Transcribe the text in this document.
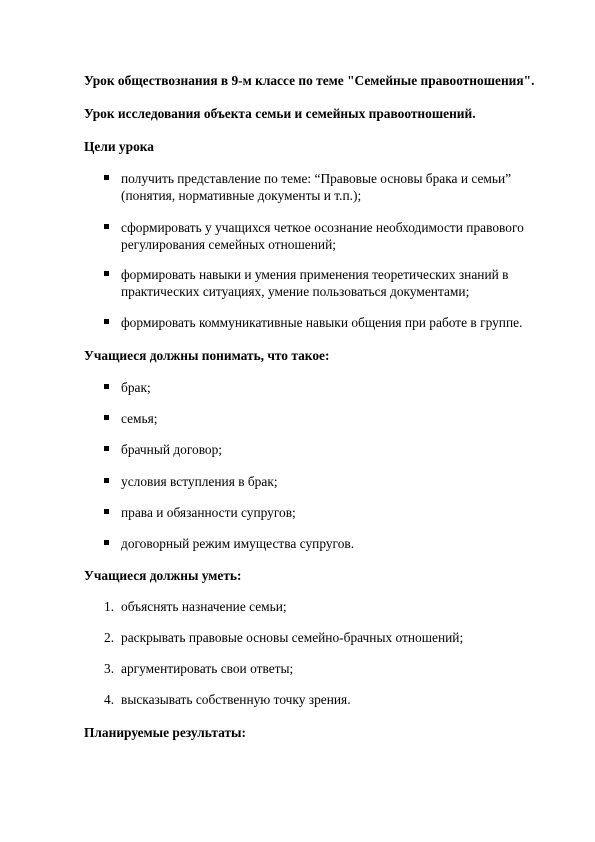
Урок обществознания в 9-м классе по теме "Семейные правоотношения".
Урок исследования объекта семьи и семейных правоотношений.
Цели урока
получить представление по теме: “Правовые основы брака и семьи” (понятия, нормативные документы и т.п.);
сформировать у учащихся четкое осознание необходимости правового регулирования семейных отношений;
формировать навыки и умения применения теоретических знаний в практических ситуациях, умение пользоваться документами;
формировать коммуникативные навыки общения при работе в группе.
Учащиеся должны понимать, что такое:
брак;
семья;
брачный договор;
условия вступления в брак;
права и обязанности супругов;
договорный режим имущества супругов.
Учащиеся должны уметь:
1. объяснять назначение семьи;
2. раскрывать правовые основы семейно-брачных отношений;
3. аргументировать свои ответы;
4. высказывать собственную точку зрения.
Планируемые результаты:
